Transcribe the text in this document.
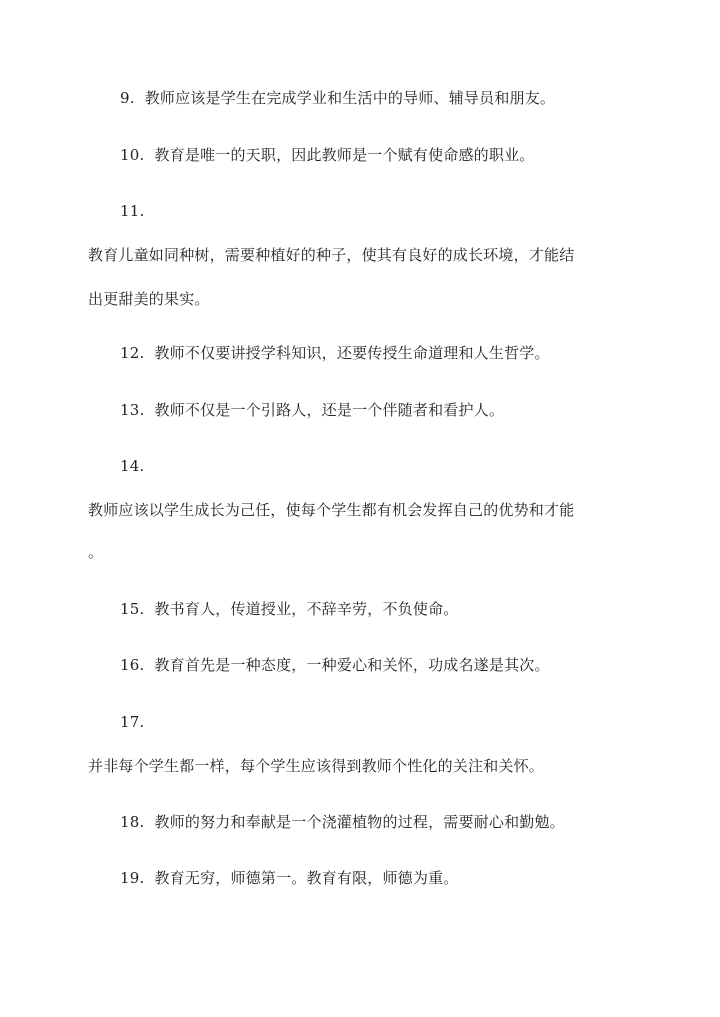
9. 教师应该是学生在完成学业和生活中的导师、辅导员和朋友。
10. 教育是唯一的天职，因此教师是一个赋有使命感的职业。
11.
教育儿童如同种树，需要种植好的种子，使其有良好的成长环境，才能结
出更甜美的果实。
12. 教师不仅要讲授学科知识，还要传授生命道理和人生哲学。
13. 教师不仅是一个引路人，还是一个伴随者和看护人。
14.
教师应该以学生成长为己任，使每个学生都有机会发挥自己的优势和才能
。
15. 教书育人，传道授业，不辞辛劳，不负使命。
16. 教育首先是一种态度，一种爱心和关怀，功成名遂是其次。
17.
并非每个学生都一样，每个学生应该得到教师个性化的关注和关怀。
18. 教师的努力和奉献是一个浇灌植物的过程，需要耐心和勤勉。
19. 教育无穷，师德第一。教育有限，师德为重。
